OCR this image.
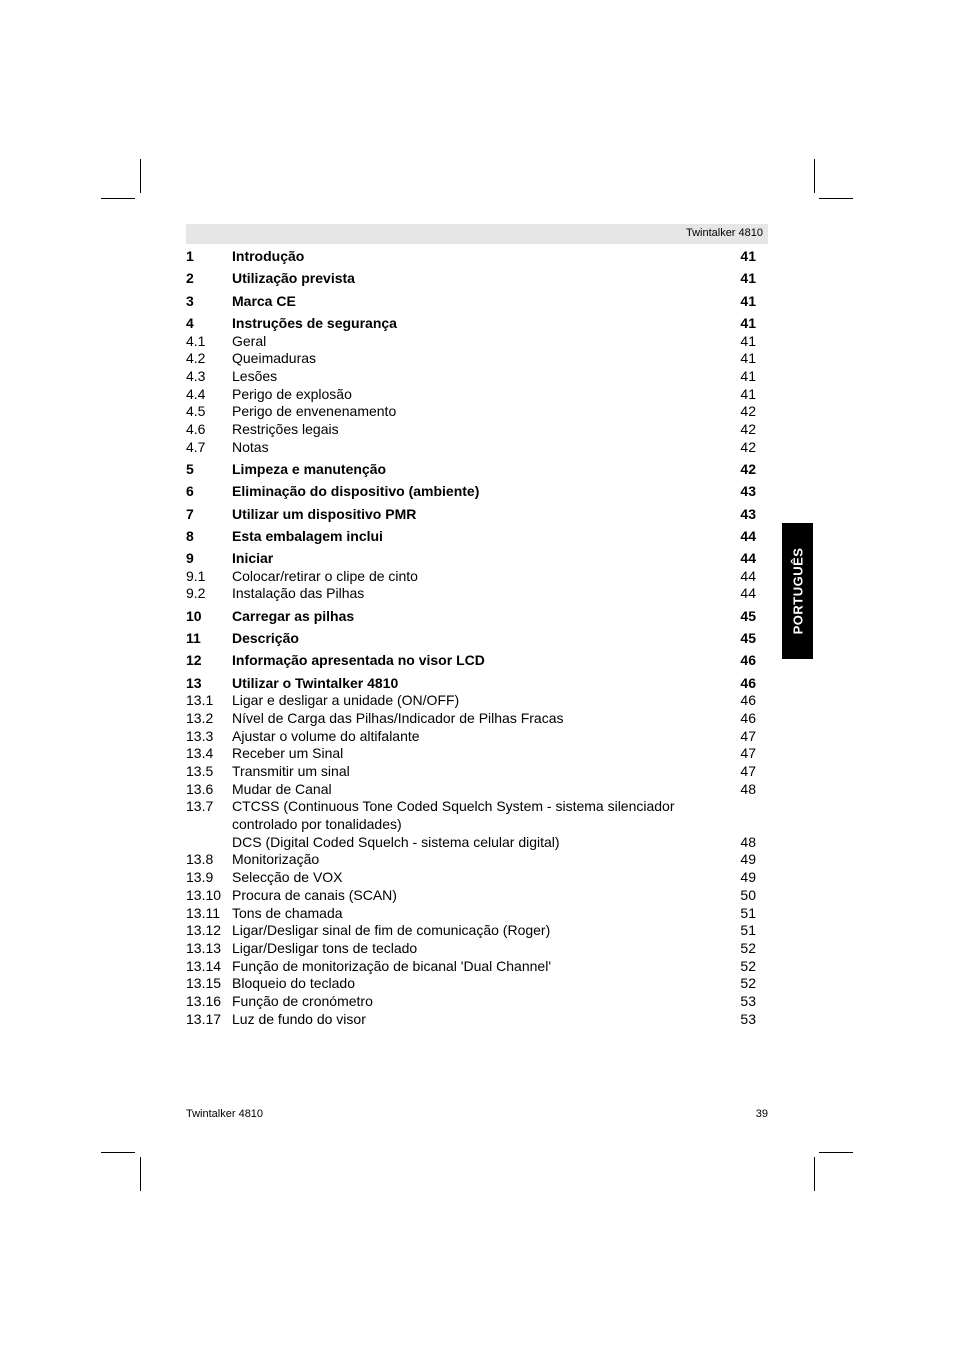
Twintalker 4810
1	Introdução	41
2	Utilização prevista	41
3	Marca CE	41
4	Instruções de segurança	41
4.1 Geral	41
4.2 Queimaduras	41
4.3 Lesões	41
4.4 Perigo de explosão	41
4.5 Perigo de envenenamento	42
4.6 Restrições legais	42
4.7 Notas	42
5	Limpeza e manutenção	42
6	Eliminação do dispositivo (ambiente)	43
7	Utilizar um dispositivo PMR	43
8	Esta embalagem inclui	44
9	Iniciar	44
9.1 Colocar/retirar o clipe de cinto	44
9.2 Instalação das Pilhas	44
10 Carregar as pilhas	45
11 Descrição	45
12 Informação apresentada no visor LCD	46
13 Utilizar o Twintalker 4810	46
13.1 Ligar e desligar a unidade (ON/OFF)	46
13.2 Nível de Carga das Pilhas/Indicador de Pilhas Fracas	46
13.3 Ajustar o volume do altifalante	47
13.4 Receber um Sinal	47
13.5 Transmitir um sinal	47
13.6 Mudar de Canal	48
13.7 CTCSS (Continuous Tone Coded Squelch System - sistema silenciador
controlado por tonalidades)
DCS (Digital Coded Squelch - sistema celular digital)	48
13.8 Monitorização	49
13.9 Selecção de VOX	49
13.10 Procura de canais (SCAN)	50
13.11 Tons de chamada	51
13.12 Ligar/Desligar sinal de fim de comunicação (Roger)	51
13.13 Ligar/Desligar tons de teclado	52
13.14 Função de monitorização de bicanal 'Dual Channel'	52
13.15 Bloqueio do teclado	52
13.16 Função de cronómetro	53
13.17 Luz de fundo do visor	53
PORTUGUÊS
Twintalker 4810	39
